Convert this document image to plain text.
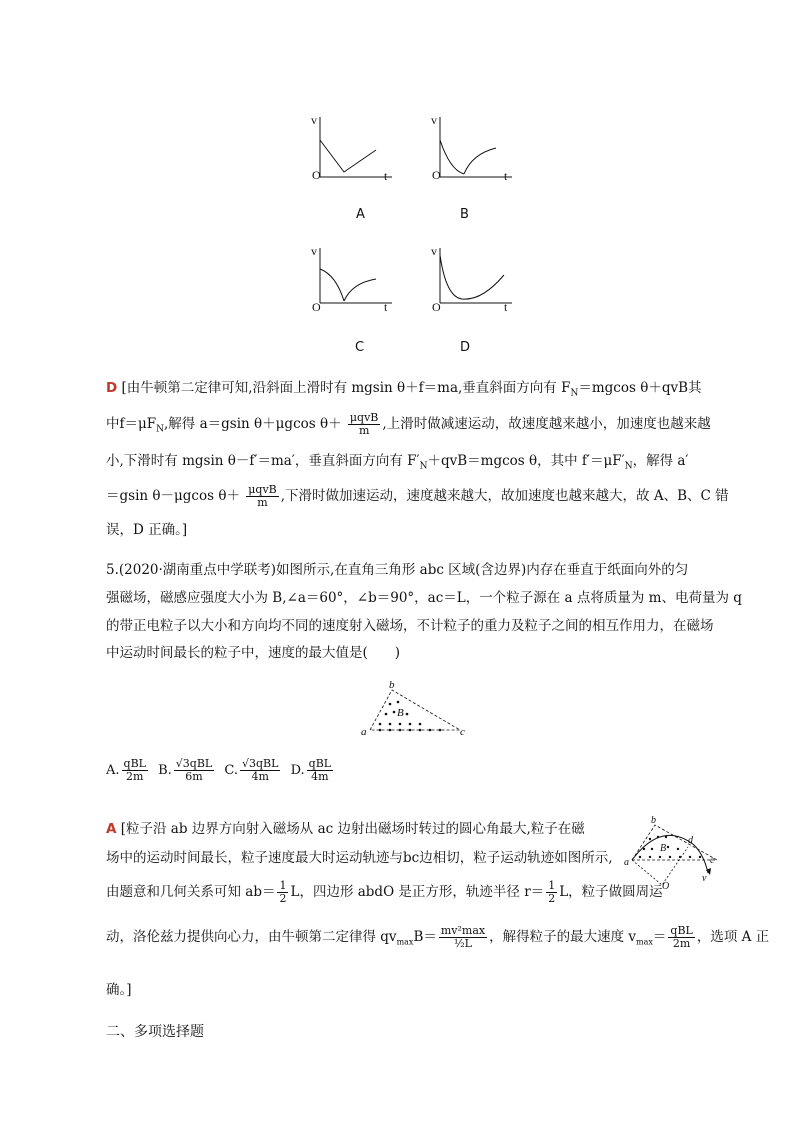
v
O	t
A
v
O	t
B
v
O	t
C
v
O	t
D
D [由牛顿第二定律可知,沿斜面上滑时有 mgsin θ＋f＝ma,垂直斜面方向有 $F_N=mgcos$ θ＋qvB其
中$f=\mu F_N$,解得 a＝gsin θ＋μgcos $\theta+ \frac{\text{μqvB}}{m}$ ,上滑时做减速运动，故速度越来越小，加速度也越来越
小,下滑时有 mgsin θ－f′＝ma′，垂直斜面方向有 $F'_N+qvB=mgcos$ θ，其中 $f'=\mu F'_N$，解得 a′
＝gsin θ－μgcos $\theta+ \frac{\text{μqvB}}{m}$ ,下滑时做加速运动，速度越来越大，故加速度也越来越大，故 A、B、C 错
误，D 正确。]
5.(2020·湖南重点中学联考)如图所示,在直角三角形 abc 区域(含边界)内存在垂直于纸面向外的匀
强磁场，磁感应强度大小为 B,∠a＝60°，∠b＝90°，ac＝L，一个粒子源在 a 点将质量为 m、电荷量为 q
的带正电粒子以大小和方向均不同的速度射入磁场，不计粒子的重力及粒子之间的相互作用力，在磁场
中运动时间最长的粒子中，速度的最大值是(　　)
a
b
c
B
A. $\frac{\text{qBL}}{2m} B$. $\frac{\text{√3qBL}}{6m} C$. $\frac{\text{√3qBL}}{4m} D$. $\frac{\text{qBL}}{4m}$
A [粒子沿 ab 边界方向射入磁场从 ac 边射出磁场时转过的圆心角最大,粒子在磁
场中的运动时间最长，粒子速度最大时运动轨迹与bc边相切，粒子运动轨迹如图所示,
由题意和几何关系可知 $ab= \frac{1}{2}$ L，四边形 abdO 是正方形，轨迹半径 $r= \frac{1}{2}$ L，粒子做圆周运
动，洛伦兹力提供向心力，由牛顿第二定律得 $qv_{max}B= \frac{\text{mv²max}}{\text{½L}}$ ，解得粒子的最大速度 $v_{max}= \frac{\text{qBL}}{2m}$ ，选项 A 正
确。]
a
b
c
d
O
v
B
二、多项选择题
